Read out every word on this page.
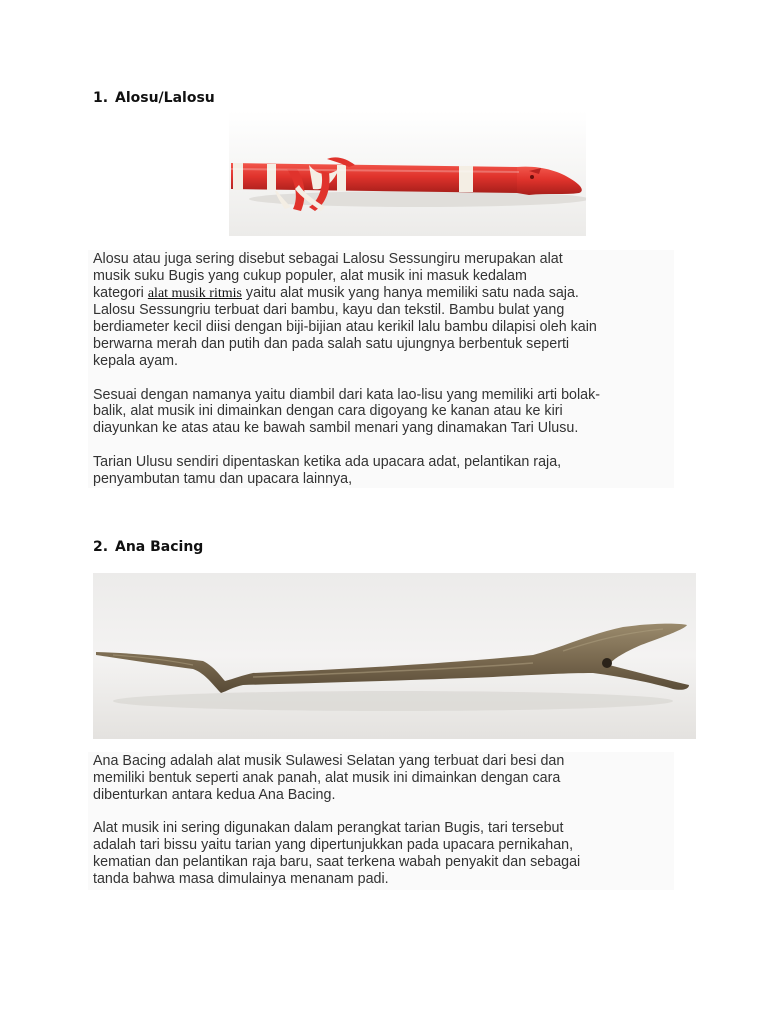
1. Alosu/Lalosu

Alosu atau juga sering disebut sebagai Lalosu Sessungiru merupakan alat

musik suku Bugis yang cukup populer, alat musik ini masuk kedalam

kategori alat musik ritmis yaitu alat musik yang hanya memiliki satu nada saja.

Lalosu Sessungriu terbuat dari bambu, kayu dan tekstil. Bambu bulat yang

berdiameter kecil diisi dengan biji-bijian atau kerikil lalu bambu dilapisi oleh kain

berwarna merah dan putih dan pada salah satu ujungnya berbentuk seperti

kepala ayam.

Sesuai dengan namanya yaitu diambil dari kata lao-lisu yang memiliki arti bolak-

balik, alat musik ini dimainkan dengan cara digoyang ke kanan atau ke kiri

diayunkan ke atas atau ke bawah sambil menari yang dinamakan Tari Ulusu.

Tarian Ulusu sendiri dipentaskan ketika ada upacara adat, pelantikan raja,

penyambutan tamu dan upacara lainnya,

2. Ana Bacing

Ana Bacing adalah alat musik Sulawesi Selatan yang terbuat dari besi dan

memiliki bentuk seperti anak panah, alat musik ini dimainkan dengan cara

dibenturkan antara kedua Ana Bacing.

Alat musik ini sering digunakan dalam perangkat tarian Bugis, tari tersebut

adalah tari bissu yaitu tarian yang dipertunjukkan pada upacara pernikahan,

kematian dan pelantikan raja baru, saat terkena wabah penyakit dan sebagai

tanda bahwa masa dimulainya menanam padi.
